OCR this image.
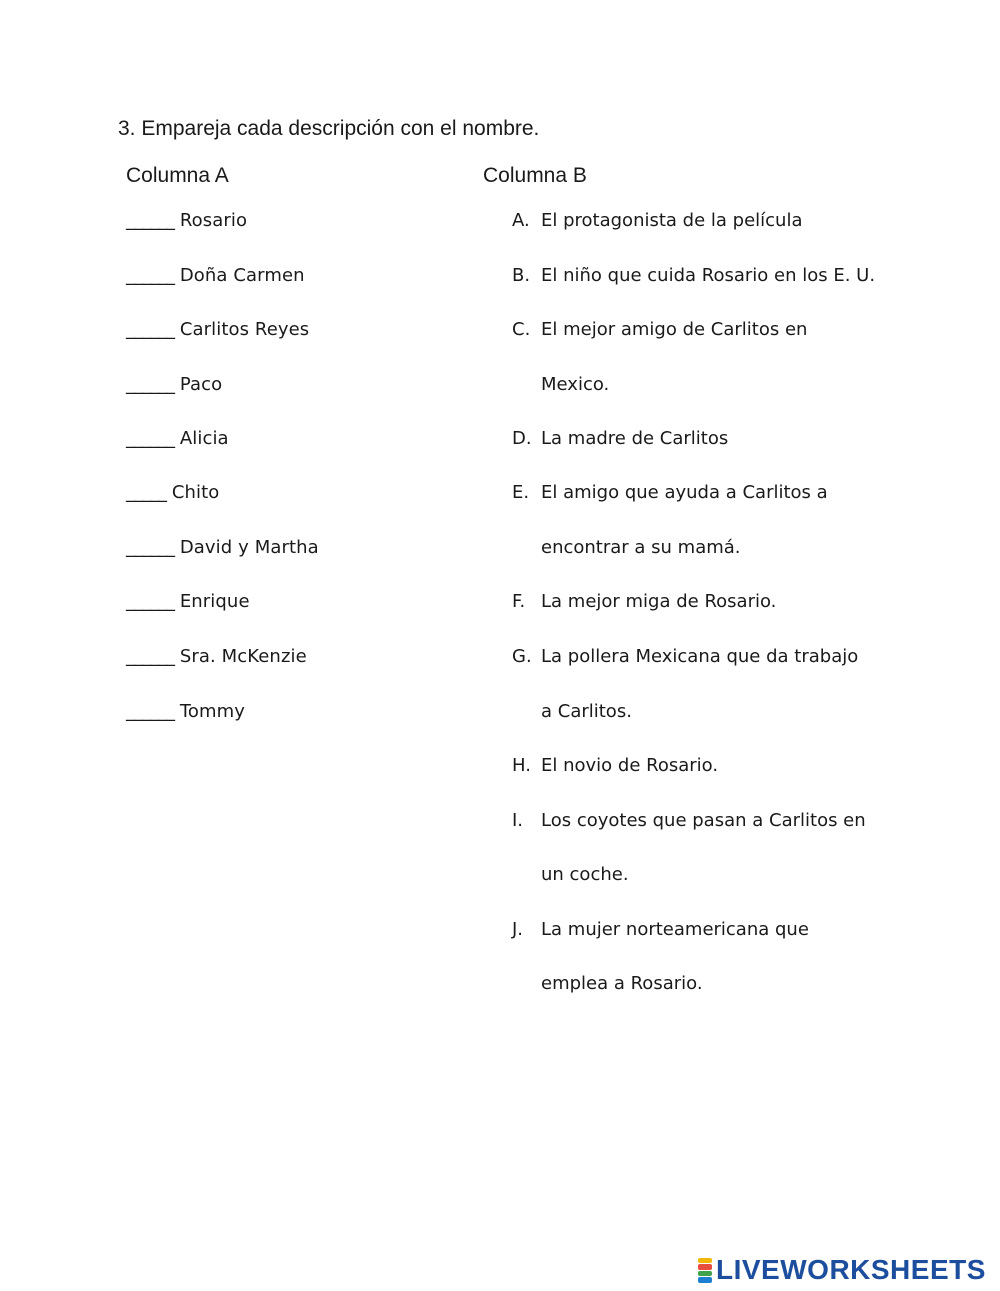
3. Empareja cada descripción con el nombre.
Columna A	Columna B
______ Rosario
______ Doña Carmen
______ Carlitos Reyes
______ Paco
______ Alicia
_____ Chito
______ David y Martha
______ Enrique
______ Sra. McKenzie
______ Tommy
A. El protagonista de la película
B. El niño que cuida Rosario en los E. U.
C. El mejor amigo de Carlitos en
Mexico.
D. La madre de Carlitos
E. El amigo que ayuda a Carlitos a
encontrar a su mamá.
F. La mejor miga de Rosario.
G. La pollera Mexicana que da trabajo
a Carlitos.
H. El novio de Rosario.
I. Los coyotes que pasan a Carlitos en
un coche.
J. La mujer norteamericana que
emplea a Rosario.
LIVEWORKSHEETS
